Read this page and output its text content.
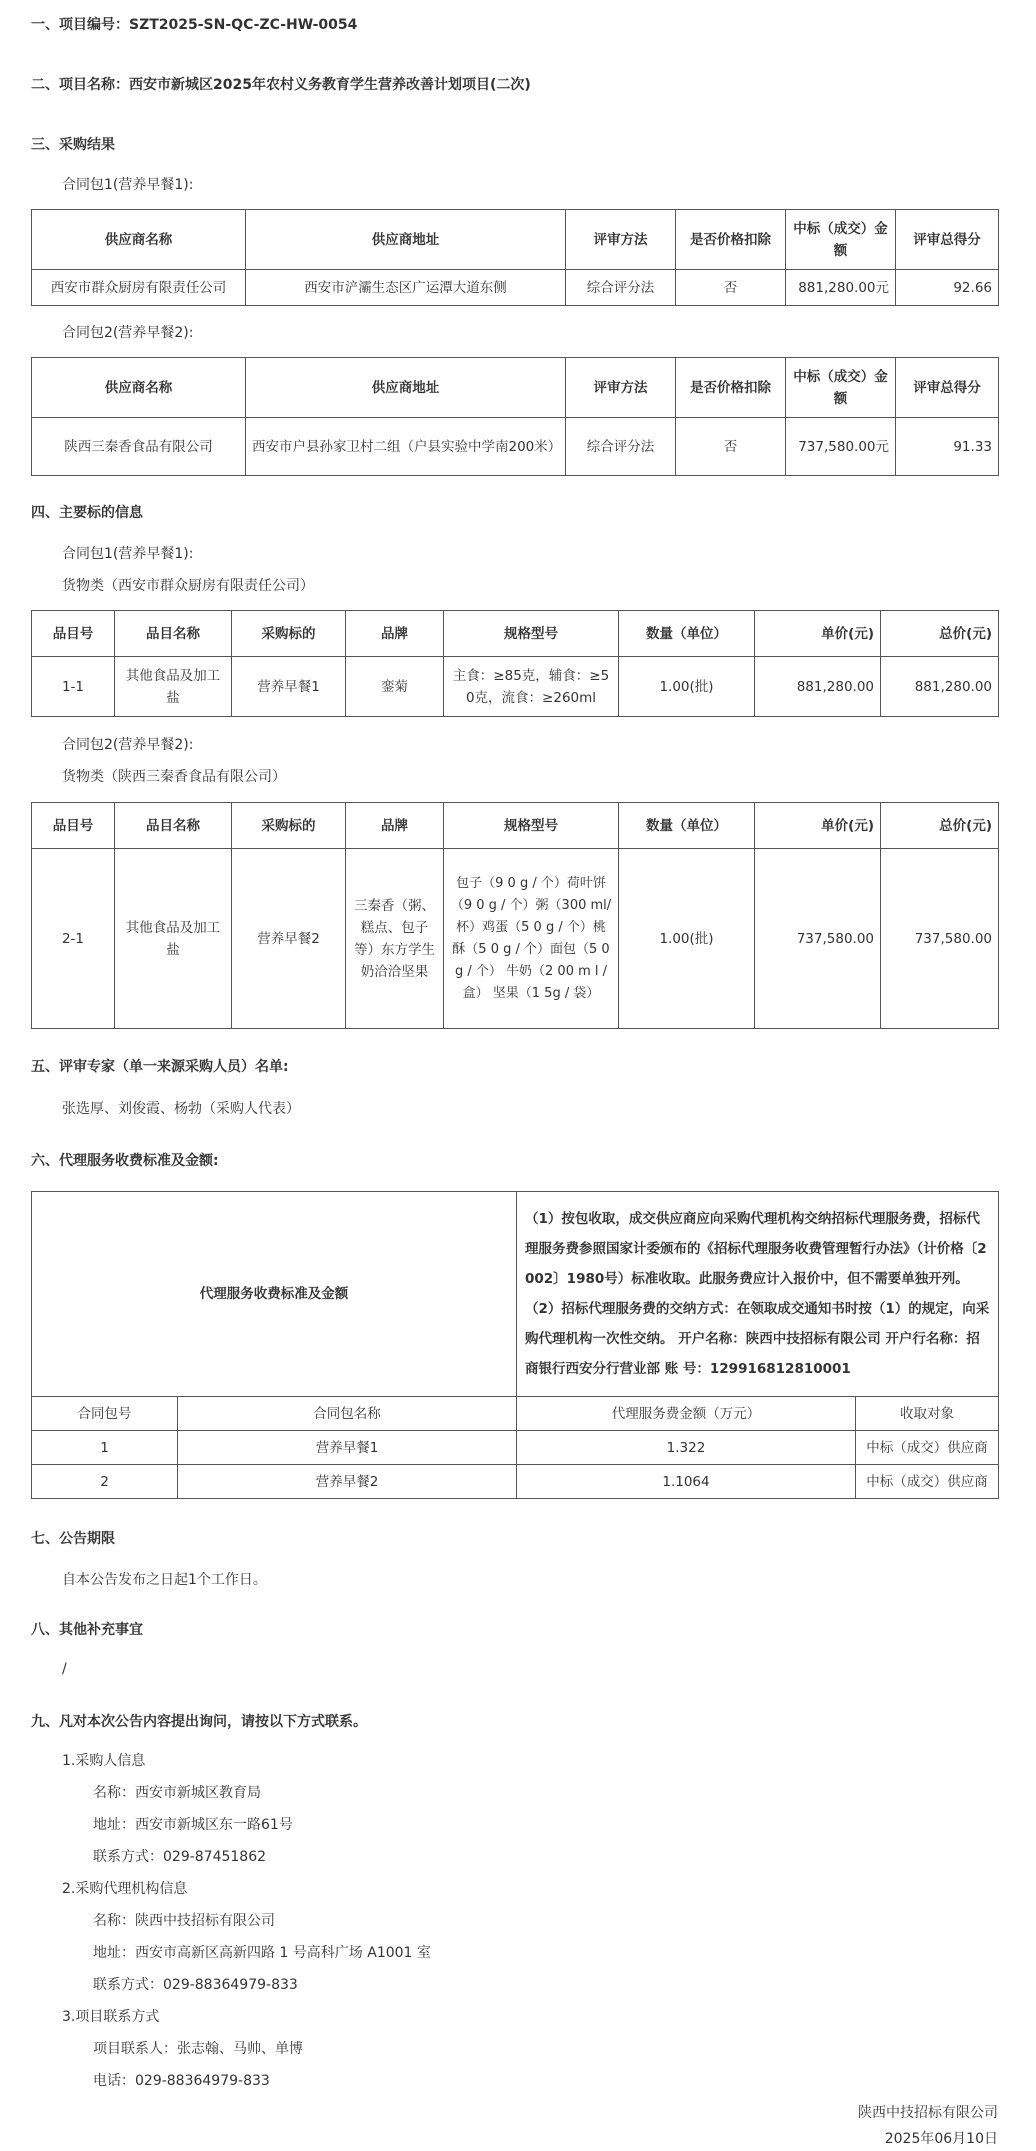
一、项目编号：SZT2025-SN-QC-ZC-HW-0054
二、项目名称：西安市新城区2025年农村义务教育学生营养改善计划项目(二次)
三、采购结果
合同包1(营养早餐1):
供应商名称	供应商地址	评审方法	是否价格扣除	中标（成交）金额	评审总得分
西安市群众厨房有限责任公司	西安市浐灞生态区广运潭大道东侧	综合评分法	否	881,280.00元	92.66
合同包2(营养早餐2):
供应商名称	供应商地址	评审方法	是否价格扣除	中标（成交）金额	评审总得分
陕西三秦香食品有限公司	西安市户县孙家卫村二组（户县实验中学南200米）	综合评分法	否	737,580.00元	91.33
四、主要标的信息
合同包1(营养早餐1):
货物类（西安市群众厨房有限责任公司）
品目号	品目名称	采购标的	品牌	规格型号	数量（单位）	单价(元)	总价(元)
1-1	其他食品及加工盐	营养早餐1	銮菊	主食：≥85克，辅食：≥50克，流食：≥260ml	1.00(批)	881,280.00	881,280.00
合同包2(营养早餐2):
货物类（陕西三秦香食品有限公司）
品目号	品目名称	采购标的	品牌	规格型号	数量（单位）	单价(元)	总价(元)
2-1	其他食品及加工盐	营养早餐2	三秦香（粥、糕点、包子等）东方学生奶洽洽坚果	包子（9 0 g / 个）荷叶饼（9 0 g / 个）粥（300 ml/ 杯）鸡蛋（5 0 g / 个）桃酥（5 0 g / 个）面包（5 0 g / 个） 牛奶（2 00 m l / 盒） 坚果（1 5g / 袋）	1.00(批)	737,580.00	737,580.00
五、评审专家（单一来源采购人员）名单:
张选厚、刘俊霞、杨勃（采购人代表）
六、代理服务收费标准及金额:
代理服务收费标准及金额		（1）按包收取，成交供应商应向采购代理机构交纳招标代理服务费，招标代理服务费参照国家计委颁布的《招标代理服务收费管理暂行办法》（计价格〔2002〕1980号）标准收取。此服务费应计入报价中，但不需要单独开列。（2）招标代理服务费的交纳方式：在领取成交通知书时按（1）的规定，向采购代理机构一次性交纳。 开户名称：陕西中技招标有限公司 开户行名称：招商银行西安分行营业部 账 号：129916812810001	
合同包号	合同包名称	代理服务费金额（万元）	收取对象
1	营养早餐1	1.322	中标（成交）供应商
2	营养早餐2	1.1064	中标（成交）供应商
七、公告期限
自本公告发布之日起1个工作日。
八、其他补充事宜
/
九、凡对本次公告内容提出询问，请按以下方式联系。
1.采购人信息
名称：西安市新城区教育局
地址：西安市新城区东一路61号
联系方式：029-87451862
2.采购代理机构信息
名称：陕西中技招标有限公司
地址：西安市高新区高新四路 1 号高科广场 A1001 室
联系方式：029-88364979-833
3.项目联系方式
项目联系人：张志翰、马帅、单博
电话：029-88364979-833
陕西中技招标有限公司
2025年06月10日
